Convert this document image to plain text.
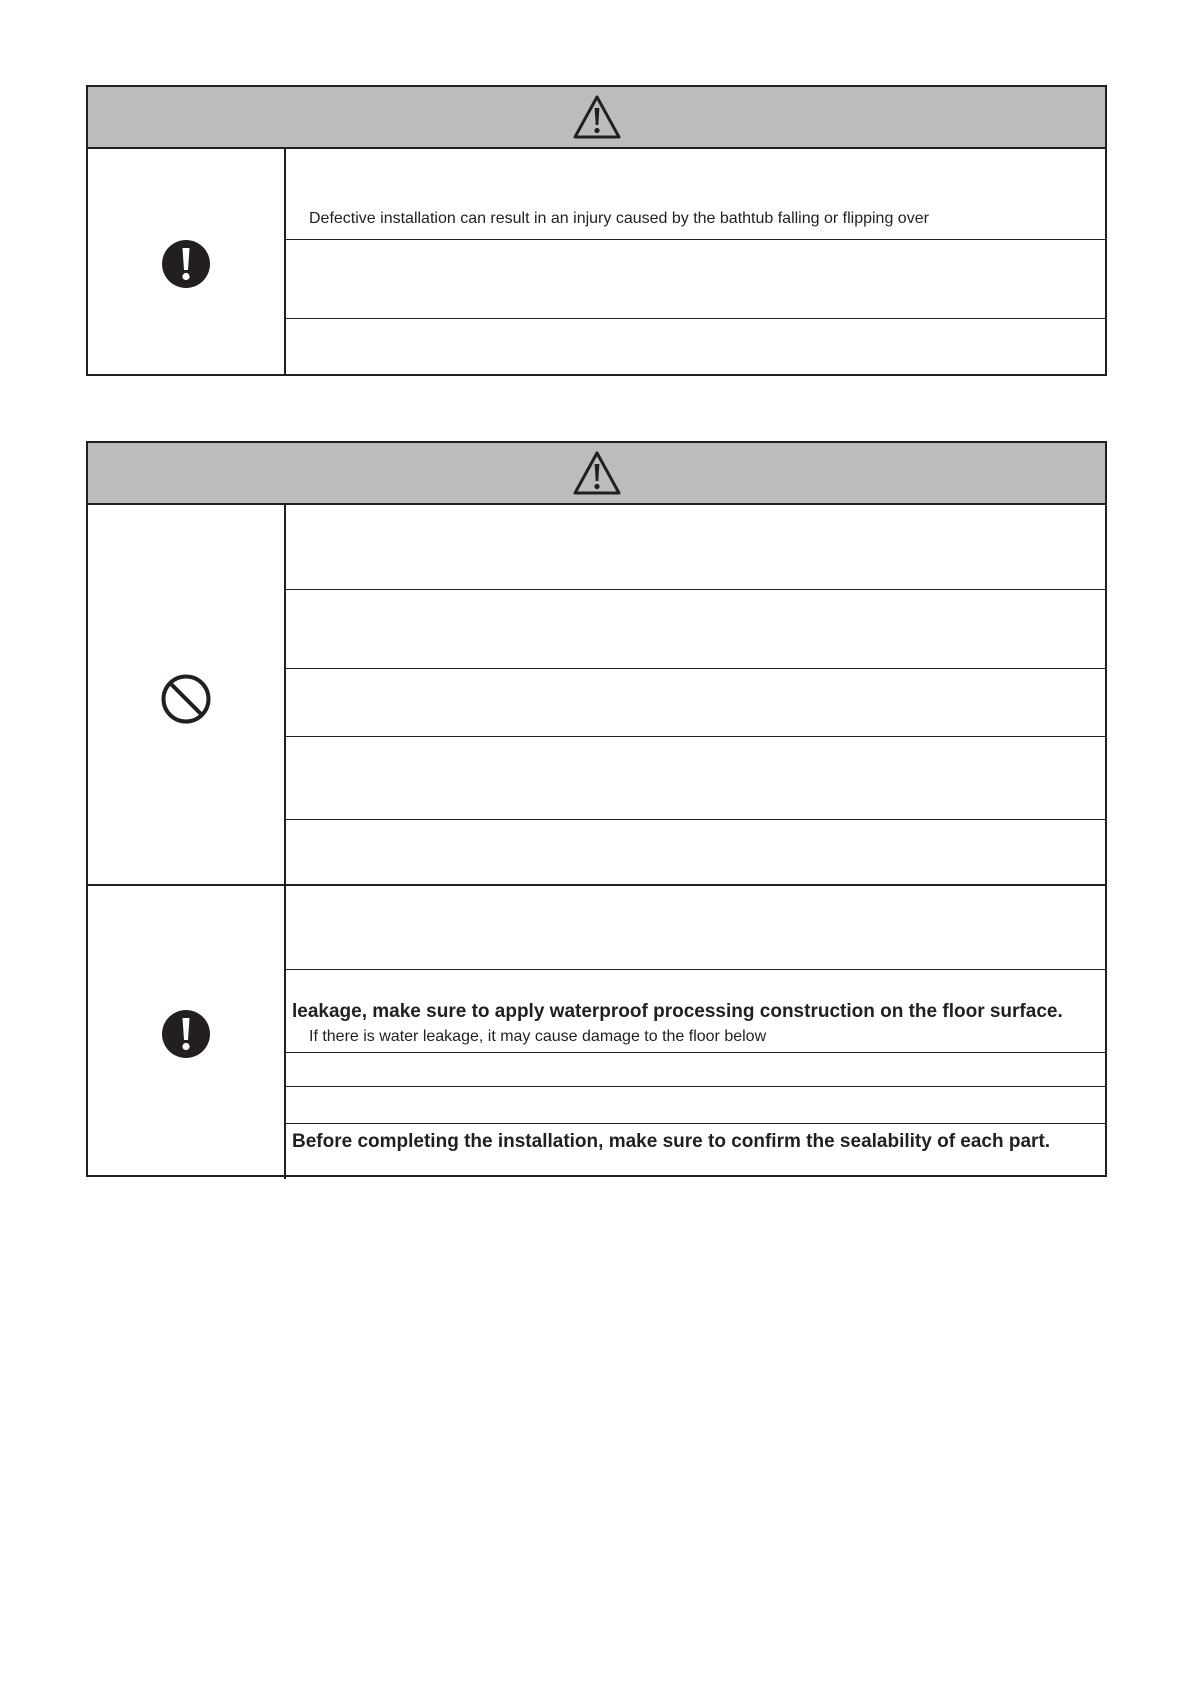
Defective installation can result in an injury caused by the bathtub falling or flipping over
leakage, make sure to apply waterproof processing construction on the floor surface.
If there is water leakage, it may cause damage to the floor below
Before completing the installation, make sure to confirm the sealability of each part.
